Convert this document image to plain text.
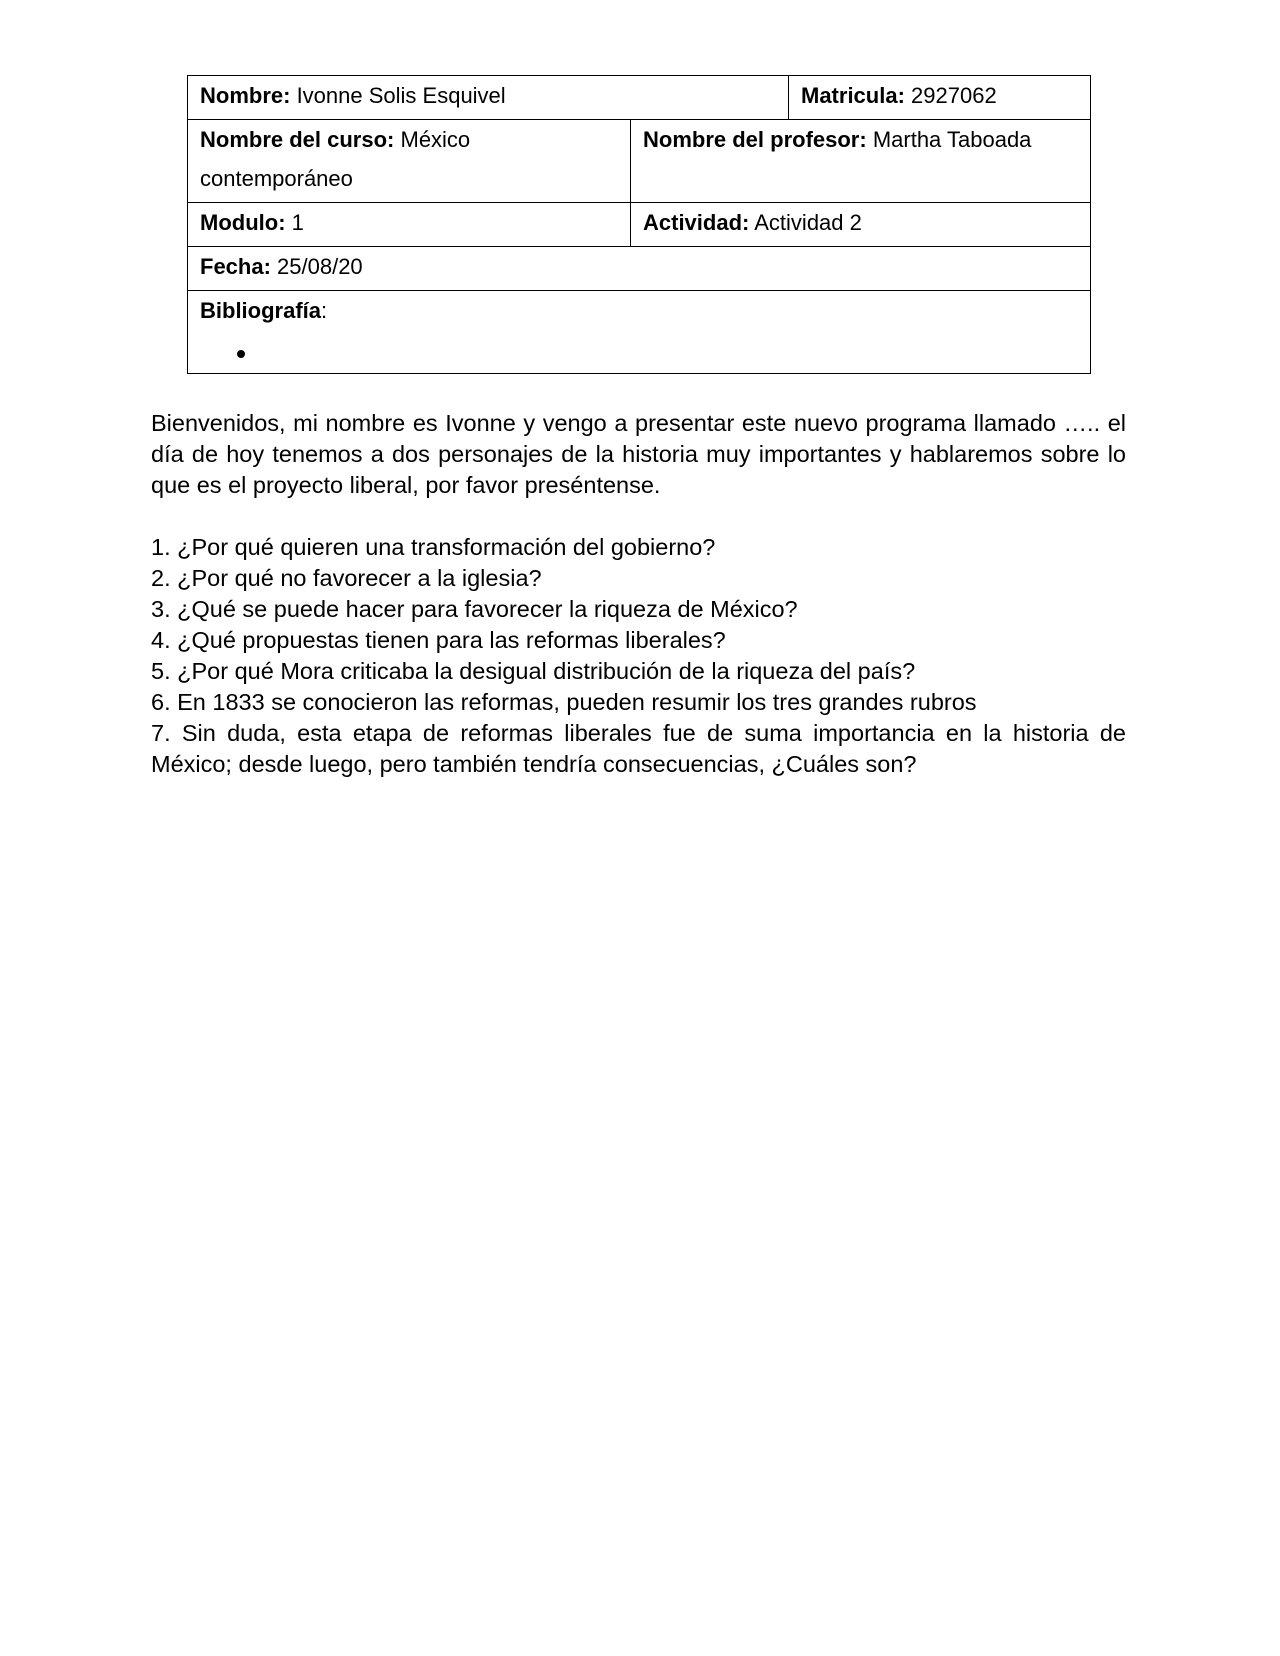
Nombre: Ivonne Solis Esquivel		Matricula: 2927062
Nombre del curso: México contemporáneo	Nombre del profesor: Martha Taboada	
Modulo: 1	Actividad: Actividad 2	
Fecha: 25/08/20		
Bibliografía:		

Bienvenidos, mi nombre es Ivonne y vengo a presentar este nuevo programa llamado ….. el día de hoy tenemos a dos personajes de la historia muy importantes y hablaremos sobre lo que es el proyecto liberal, por favor preséntense.

1. ¿Por qué quieren una transformación del gobierno?
2. ¿Por qué no favorecer a la iglesia?
3. ¿Qué se puede hacer para favorecer la riqueza de México?
4. ¿Qué propuestas tienen para las reformas liberales?
5. ¿Por qué Mora criticaba la desigual distribución de la riqueza del país?
6. En 1833 se conocieron las reformas, pueden resumir los tres grandes rubros
7. Sin duda, esta etapa de reformas liberales fue de suma importancia en la historia de México; desde luego, pero también tendría consecuencias, ¿Cuáles son?
